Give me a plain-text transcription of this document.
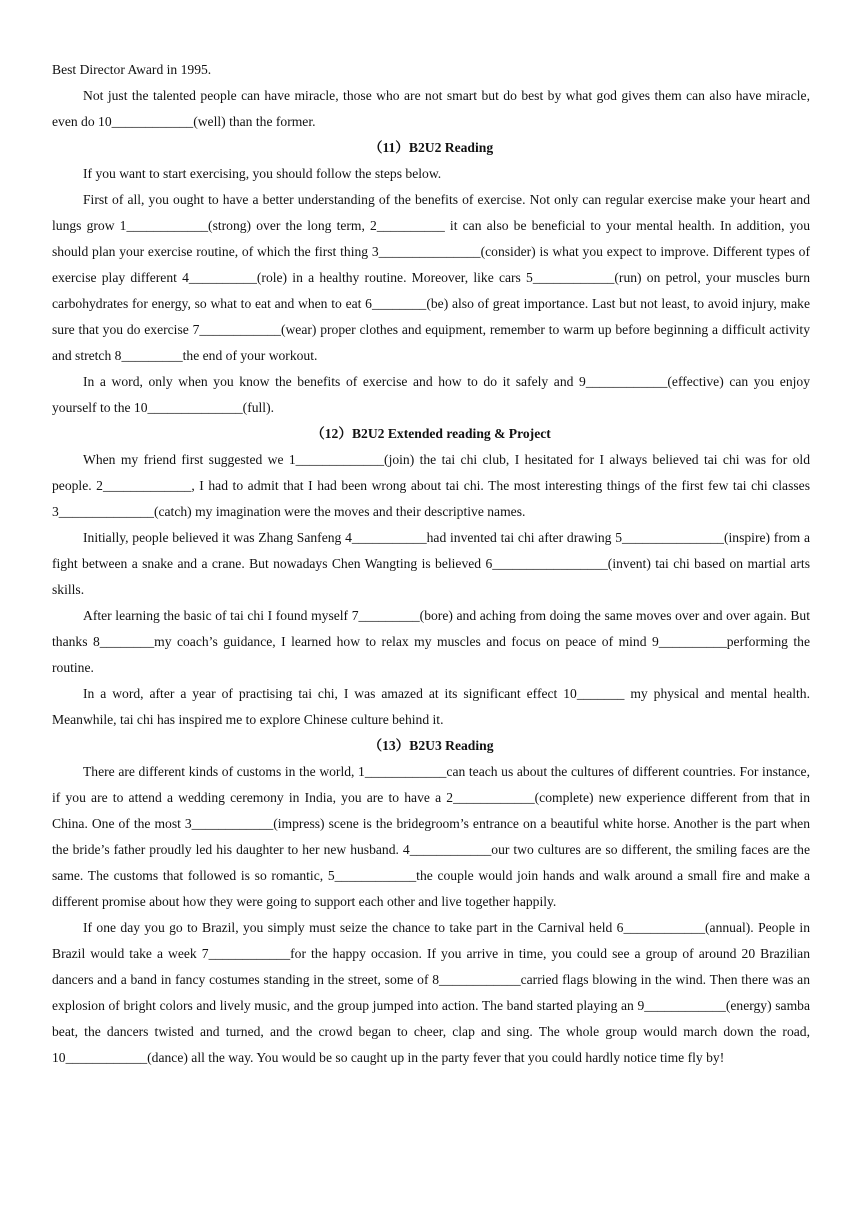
Best Director Award in 1995.

Not just the talented people can have miracle, those who are not smart but do best by what god gives them can also have miracle, even do 10____________(well) than the former.

（11）B2U2 Reading

If you want to start exercising, you should follow the steps below.

First of all, you ought to have a better understanding of the benefits of exercise. Not only can regular exercise make your heart and lungs grow 1____________(strong) over the long term, 2__________ it can also be beneficial to your mental health. In addition, you should plan your exercise routine, of which the first thing 3_______________(consider) is what you expect to improve. Different types of exercise play different 4__________(role) in a healthy routine. Moreover, like cars 5____________(run) on petrol, your muscles burn carbohydrates for energy, so what to eat and when to eat 6________(be) also of great importance. Last but not least, to avoid injury, make sure that you do exercise 7____________(wear) proper clothes and equipment, remember to warm up before beginning a difficult activity and stretch 8_________the end of your workout.

In a word, only when you know the benefits of exercise and how to do it safely and 9____________(effective) can you enjoy yourself to the 10______________(full).

（12）B2U2 Extended reading & Project

When my friend first suggested we 1_____________(join) the tai chi club, I hesitated for I always believed tai chi was for old people. 2_____________, I had to admit that I had been wrong about tai chi. The most interesting things of the first few tai chi classes 3______________(catch) my imagination were the moves and their descriptive names.

Initially, people believed it was Zhang Sanfeng 4___________had invented tai chi after drawing 5_______________(inspire) from a fight between a snake and a crane. But nowadays Chen Wangting is believed 6_________________(invent) tai chi based on martial arts skills.

After learning the basic of tai chi I found myself 7_________(bore) and aching from doing the same moves over and over again. But thanks 8________my coach’s guidance, I learned how to relax my muscles and focus on peace of mind 9__________performing the routine.

In a word, after a year of practising tai chi, I was amazed at its significant effect 10_______ my physical and mental health. Meanwhile, tai chi has inspired me to explore Chinese culture behind it.

（13）B2U3 Reading

There are different kinds of customs in the world, 1____________can teach us about the cultures of different countries. For instance, if you are to attend a wedding ceremony in India, you are to have a 2____________(complete) new experience different from that in China. One of the most 3____________(impress) scene is the bridegroom’s entrance on a beautiful white horse. Another is the part when the bride’s father proudly led his daughter to her new husband. 4____________our two cultures are so different, the smiling faces are the same. The customs that followed is so romantic, 5____________the couple would join hands and walk around a small fire and make a different promise about how they were going to support each other and live together happily.

If one day you go to Brazil, you simply must seize the chance to take part in the Carnival held 6____________(annual). People in Brazil would take a week 7____________for the happy occasion. If you arrive in time, you could see a group of around 20 Brazilian dancers and a band in fancy costumes standing in the street, some of 8____________carried flags blowing in the wind. Then there was an explosion of bright colors and lively music, and the group jumped into action. The band started playing an 9____________(energy) samba beat, the dancers twisted and turned, and the crowd began to cheer, clap and sing. The whole group would march down the road, 10____________(dance) all the way. You would be so caught up in the party fever that you could hardly notice time fly by!
